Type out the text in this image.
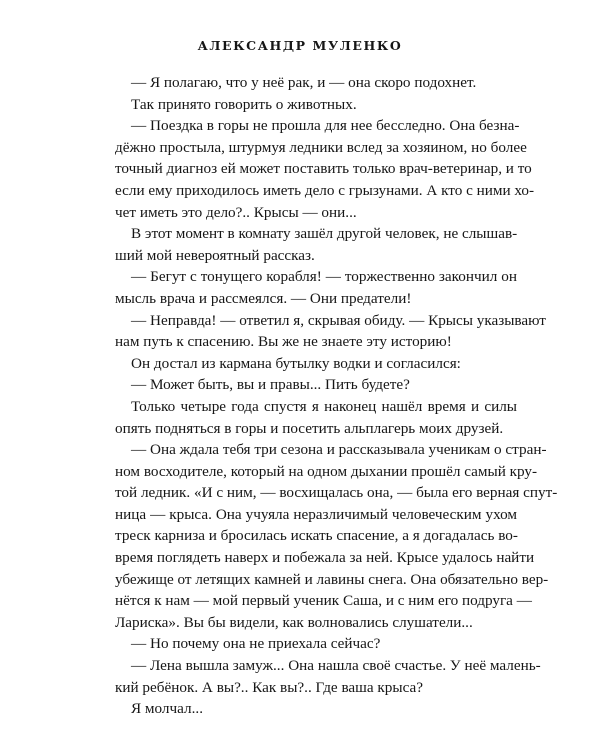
АЛЕКСАНДР МУЛЕНКО
— Я полагаю, что у неё рак, и — она скоро подохнет.
Так принято говорить о животных.
— Поездка в горы не прошла для нее бесследно. Она безна-
дёжно простыла, штурмуя ледники вслед за хозяином, но более
точный диагноз ей может поставить только врач-ветеринар, и то
если ему приходилось иметь дело с грызунами. А кто с ними хо-
чет иметь это дело?.. Крысы — они...
В этот момент в комнату зашёл другой человек, не слышав-
ший мой невероятный рассказ.
— Бегут с тонущего корабля! — торжественно закончил он
мысль врача и рассмеялся. — Они предатели!
— Неправда! — ответил я, скрывая обиду. — Крысы указывают
нам путь к спасению. Вы же не знаете эту историю!
Он достал из кармана бутылку водки и согласился:
— Может быть, вы и правы... Пить будете?
Только четыре года спустя я наконец нашёл время и силы
опять подняться в горы и посетить альплагерь моих друзей.
— Она ждала тебя три сезона и рассказывала ученикам о стран-
ном восходителе, который на одном дыхании прошёл самый кру-
той ледник. «И с ним, — восхищалась она, — была его верная спут-
ница — крыса. Она учуяла неразличимый человеческим ухом
треск карниза и бросилась искать спасение, а я догадалась во-
время поглядеть наверх и побежала за ней. Крысе удалось найти
убежище от летящих камней и лавины снега. Она обязательно вер-
нётся к нам — мой первый ученик Саша, и с ним его подруга —
Лариска». Вы бы видели, как волновались слушатели...
— Но почему она не приехала сейчас?
— Лена вышла замуж... Она нашла своё счастье. У неё малень-
кий ребёнок. А вы?.. Как вы?.. Где ваша крыса?
Я молчал...
